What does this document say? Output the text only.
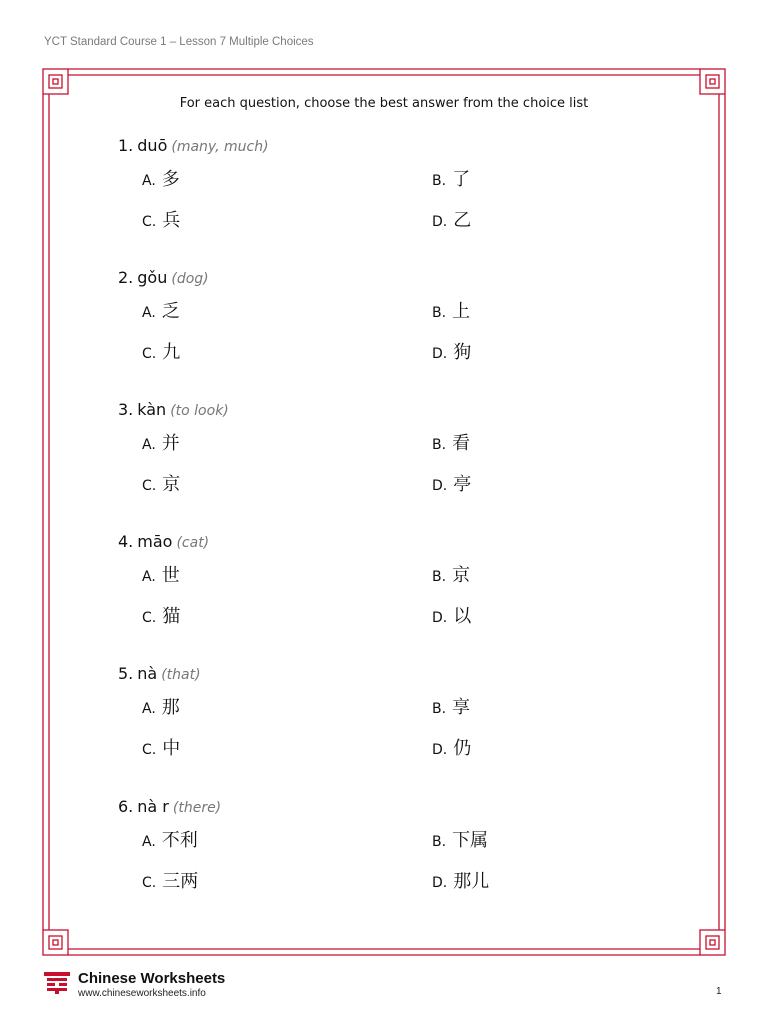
YCT Standard Course 1 – Lesson 7 Multiple Choices
For each question, choose the best answer from the choice list
1. duō (many, much)
A. 多	B. 了
C. 兵	D. 乙
2. gǒu (dog)
A. 乏	B. 上
C. 九	D. 狗
3. kàn (to look)
A. 并	B. 看
C. 京	D. 亭
4. māo (cat)
A. 世	B. 京
C. 猫	D. 以
5. nà (that)
A. 那	B. 享
C. 中	D. 仍
6. nà r (there)
A. 不利	B. 下属
C. 三两	D. 那儿
Chinese Worksheets
www.chineseworksheets.info	1
